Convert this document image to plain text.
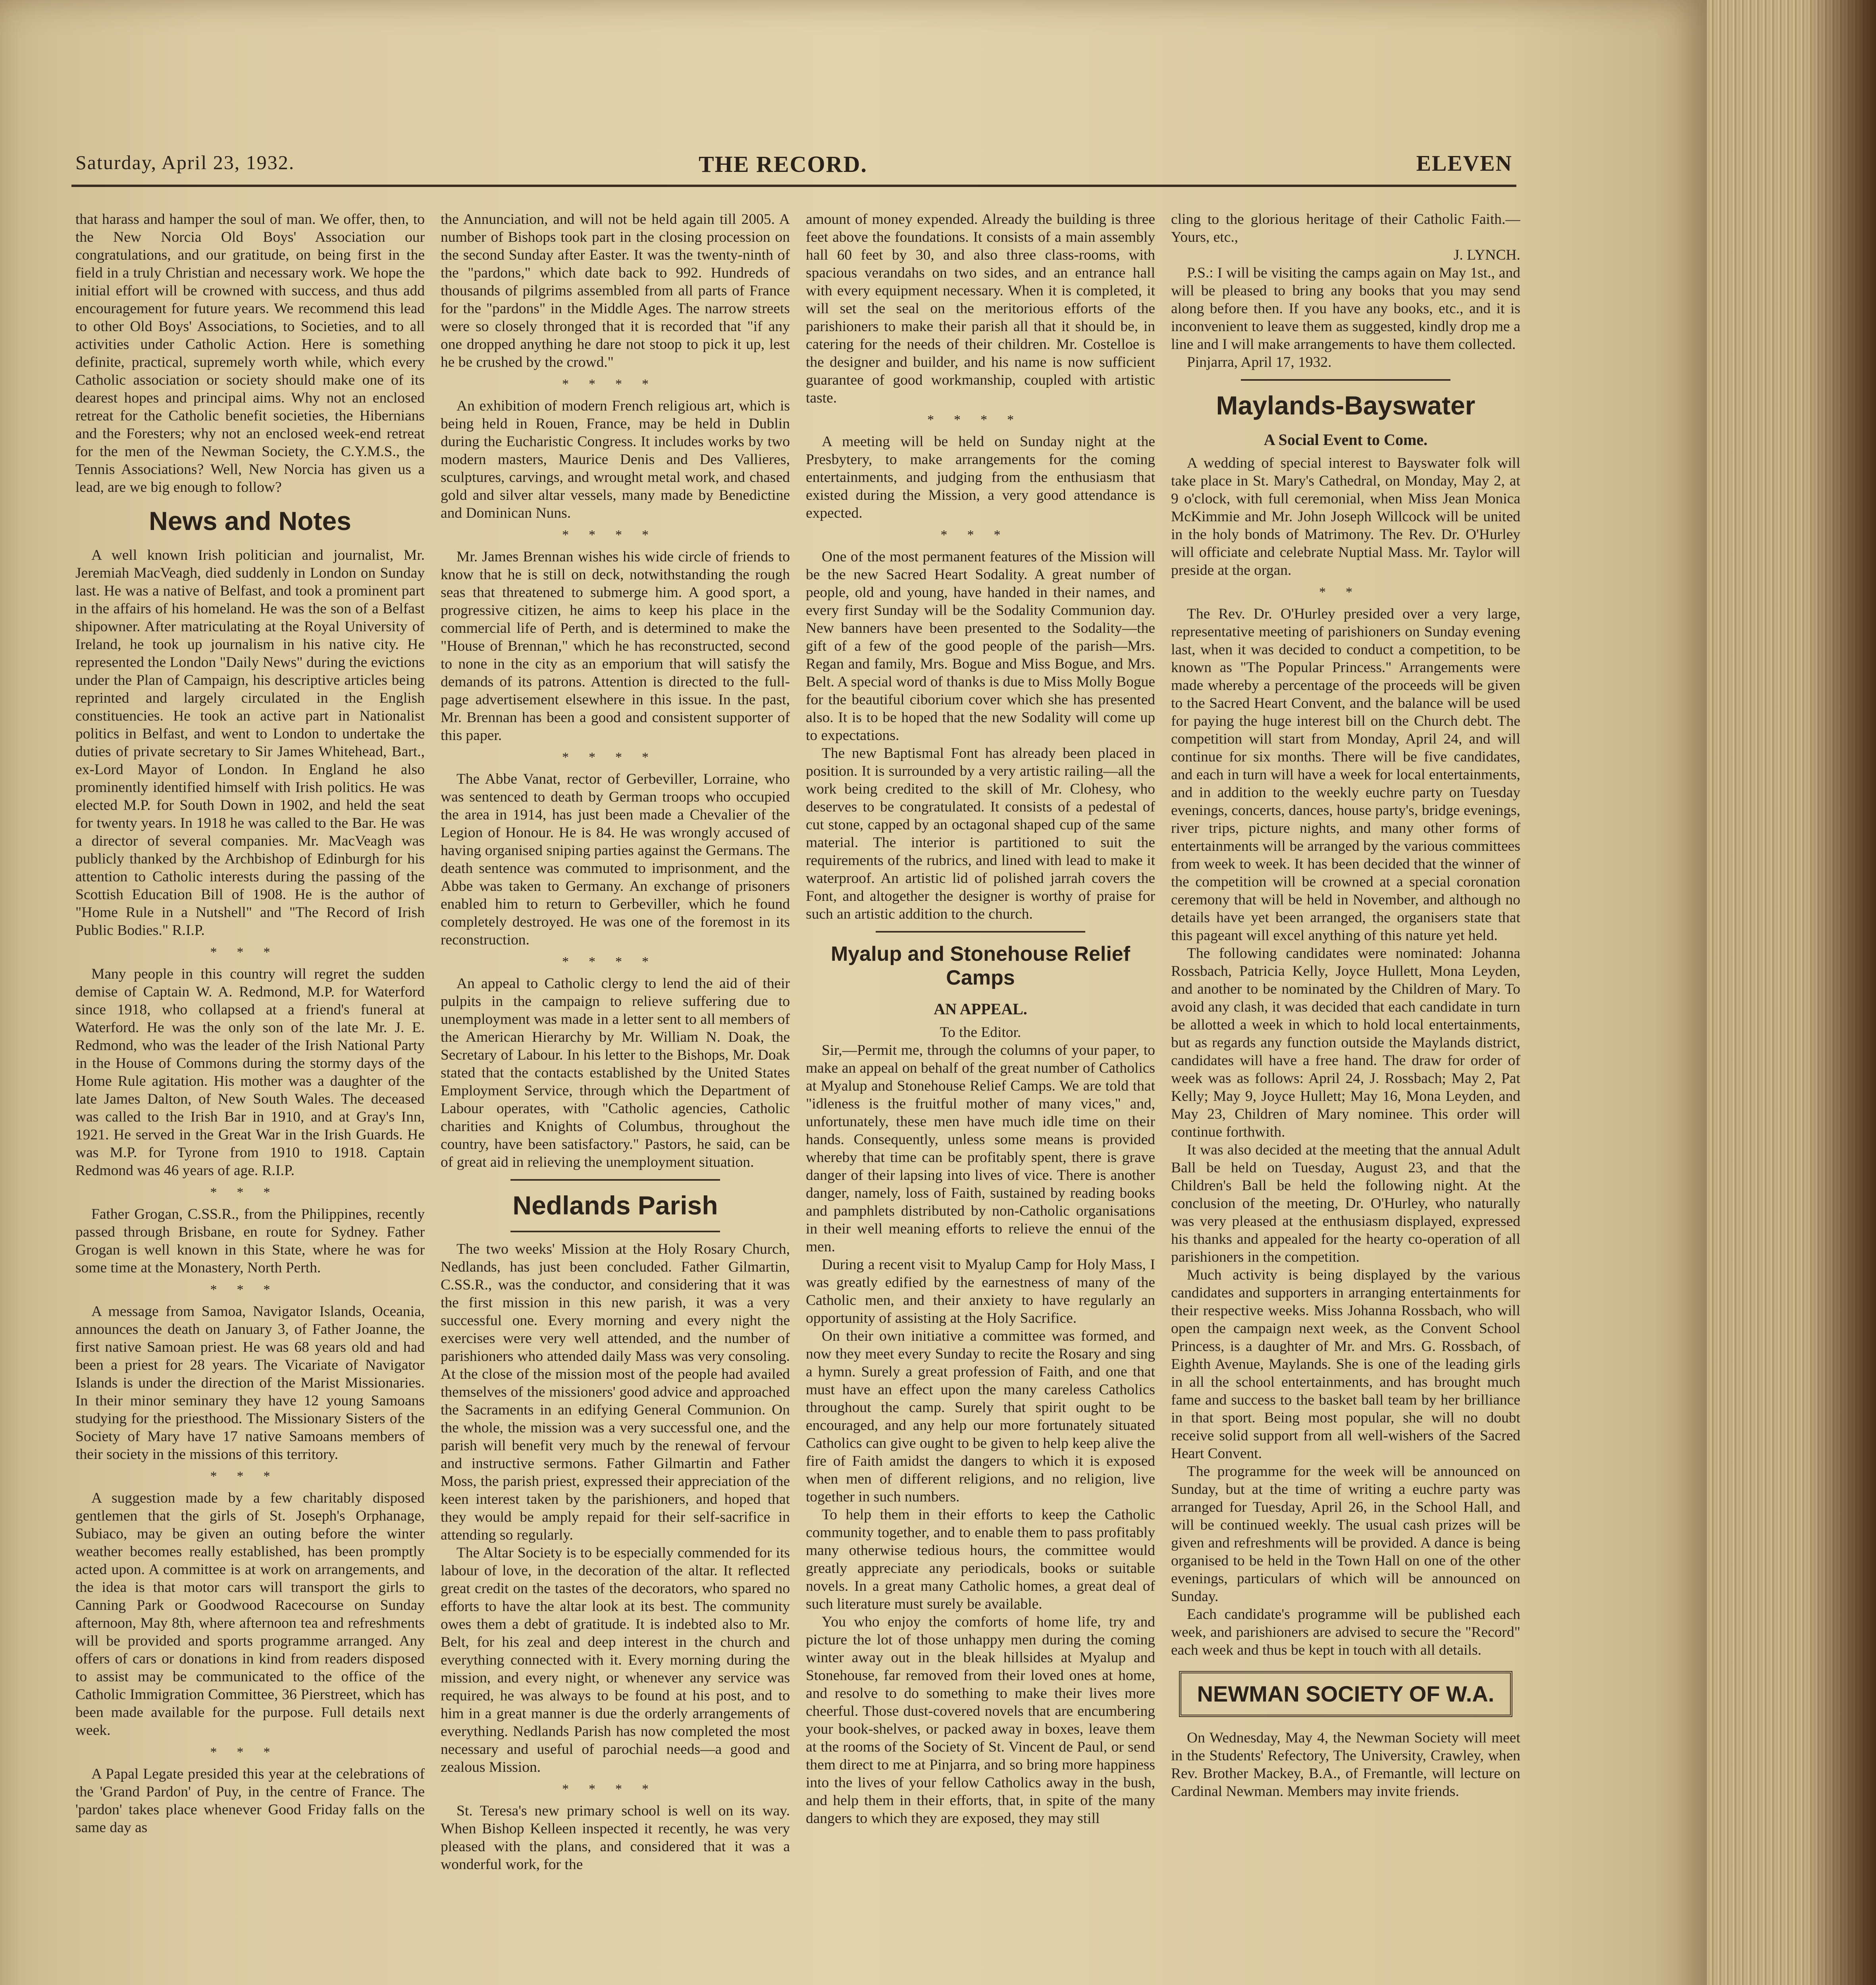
Saturday, April 23, 1932.	THE RECORD.	ELEVEN

that harass and hamper the soul of man. We offer, then, to the New Norcia Old Boys' Association our congratulations, and our gratitude, on being first in the field in a truly Christian and necessary work. We hope the initial effort will be crowned with success, and thus add encouragement for future years. We recommend this lead to other Old Boys' Associations, to Societies, and to all activities under Catholic Action. Here is something definite, practical, supremely worth while, which every Catholic association or society should make one of its dearest hopes and principal aims. Why not an enclosed retreat for the Catholic benefit societies, the Hibernians and the Foresters; why not an enclosed week-end retreat for the men of the Newman Society, the C.Y.M.S., the Tennis Associations? Well, New Norcia has given us a lead, are we big enough to follow?

News and Notes

A well known Irish politician and journalist, Mr. Jeremiah MacVeagh, died suddenly in London on Sunday last. He was a native of Belfast, and took a prominent part in the affairs of his homeland. He was the son of a Belfast shipowner. After matriculating at the Royal University of Ireland, he took up journalism in his native city. He represented the London "Daily News" during the evictions under the Plan of Campaign, his descriptive articles being reprinted and largely circulated in the English constituencies. He took an active part in Nationalist politics in Belfast, and went to London to undertake the duties of private secretary to Sir James Whitehead, Bart., ex-Lord Mayor of London. In England he also prominently identified himself with Irish politics. He was elected M.P. for South Down in 1902, and held the seat for twenty years. In 1918 he was called to the Bar. He was a director of several companies. Mr. MacVeagh was publicly thanked by the Archbishop of Edinburgh for his attention to Catholic interests during the passing of the Scottish Education Bill of 1908. He is the author of "Home Rule in a Nutshell" and "The Record of Irish Public Bodies." R.I.P.

***

Many people in this country will regret the sudden demise of Captain W. A. Redmond, M.P. for Waterford since 1918, who collapsed at a friend's funeral at Waterford. He was the only son of the late Mr. J. E. Redmond, who was the leader of the Irish National Party in the House of Commons during the stormy days of the Home Rule agitation. His mother was a daughter of the late James Dalton, of New South Wales. The deceased was called to the Irish Bar in 1910, and at Gray's Inn, 1921. He served in the Great War in the Irish Guards. He was M.P. for Tyrone from 1910 to 1918. Captain Redmond was 46 years of age. R.I.P.

***

Father Grogan, C.SS.R., from the Philippines, recently passed through Brisbane, en route for Sydney. Father Grogan is well known in this State, where he was for some time at the Monastery, North Perth.

***

A message from Samoa, Navigator Islands, Oceania, announces the death on January 3, of Father Joanne, the first native Samoan priest. He was 68 years old and had been a priest for 28 years. The Vicariate of Navigator Islands is under the direction of the Marist Missionaries. In their minor seminary they have 12 young Samoans studying for the priesthood. The Missionary Sisters of the Society of Mary have 17 native Samoans members of their society in the missions of this territory.

***

A suggestion made by a few charitably disposed gentlemen that the girls of St. Joseph's Orphanage, Subiaco, may be given an outing before the winter weather becomes really established, has been promptly acted upon. A committee is at work on arrangements, and the idea is that motor cars will transport the girls to Canning Park or Goodwood Racecourse on Sunday afternoon, May 8th, where afternoon tea and refreshments will be provided and sports programme arranged. Any offers of cars or donations in kind from readers disposed to assist may be communicated to the office of the Catholic Immigration Committee, 36 Pierstreet, which has been made available for the purpose. Full details next week.

***

A Papal Legate presided this year at the celebrations of the 'Grand Pardon' of Puy, in the centre of France. The 'pardon' takes place whenever Good Friday falls on the same day as

the Annunciation, and will not be held again till 2005. A number of Bishops took part in the closing procession on the second Sunday after Easter. It was the twenty-ninth of the "pardons," which date back to 992. Hundreds of thousands of pilgrims assembled from all parts of France for the "pardons" in the Middle Ages. The narrow streets were so closely thronged that it is recorded that "if any one dropped anything he dare not stoop to pick it up, lest he be crushed by the crowd."

****

An exhibition of modern French religious art, which is being held in Rouen, France, may be held in Dublin during the Eucharistic Congress. It includes works by two modern masters, Maurice Denis and Des Vallieres, sculptures, carvings, and wrought metal work, and chased gold and silver altar vessels, many made by Benedictine and Dominican Nuns.

****

Mr. James Brennan wishes his wide circle of friends to know that he is still on deck, notwithstanding the rough seas that threatened to submerge him. A good sport, a progressive citizen, he aims to keep his place in the commercial life of Perth, and is determined to make the "House of Brennan," which he has reconstructed, second to none in the city as an emporium that will satisfy the demands of its patrons. Attention is directed to the full-page advertisement elsewhere in this issue. In the past, Mr. Brennan has been a good and consistent supporter of this paper.

****

The Abbe Vanat, rector of Gerbeviller, Lorraine, who was sentenced to death by German troops who occupied the area in 1914, has just been made a Chevalier of the Legion of Honour. He is 84. He was wrongly accused of having organised sniping parties against the Germans. The death sentence was commuted to imprisonment, and the Abbe was taken to Germany. An exchange of prisoners enabled him to return to Gerbeviller, which he found completely destroyed. He was one of the foremost in its reconstruction.

****

An appeal to Catholic clergy to lend the aid of their pulpits in the campaign to relieve suffering due to unemployment was made in a letter sent to all members of the American Hierarchy by Mr. William N. Doak, the Secretary of Labour. In his letter to the Bishops, Mr. Doak stated that the contacts established by the United States Employment Service, through which the Department of Labour operates, with "Catholic agencies, Catholic charities and Knights of Columbus, throughout the country, have been satisfactory." Pastors, he said, can be of great aid in relieving the unemployment situation.

Nedlands Parish

The two weeks' Mission at the Holy Rosary Church, Nedlands, has just been concluded. Father Gilmartin, C.SS.R., was the conductor, and considering that it was the first mission in this new parish, it was a very successful one. Every morning and every night the exercises were very well attended, and the number of parishioners who attended daily Mass was very consoling. At the close of the mission most of the people had availed themselves of the missioners' good advice and approached the Sacraments in an edifying General Communion. On the whole, the mission was a very successful one, and the parish will benefit very much by the renewal of fervour and instructive sermons. Father Gilmartin and Father Moss, the parish priest, expressed their appreciation of the keen interest taken by the parishioners, and hoped that they would be amply repaid for their self-sacrifice in attending so regularly.

The Altar Society is to be especially commended for its labour of love, in the decoration of the altar. It reflected great credit on the tastes of the decorators, who spared no efforts to have the altar look at its best. The community owes them a debt of gratitude. It is indebted also to Mr. Belt, for his zeal and deep interest in the church and everything connected with it. Every morning during the mission, and every night, or whenever any service was required, he was always to be found at his post, and to him in a great manner is due the orderly arrangements of everything. Nedlands Parish has now completed the most necessary and useful of parochial needs—a good and zealous Mission.

****

St. Teresa's new primary school is well on its way. When Bishop Kelleen inspected it recently, he was very pleased with the plans, and considered that it was a wonderful work, for the

amount of money expended. Already the building is three feet above the foundations. It consists of a main assembly hall 60 feet by 30, and also three class-rooms, with spacious verandahs on two sides, and an entrance hall with every equipment necessary. When it is completed, it will set the seal on the meritorious efforts of the parishioners to make their parish all that it should be, in catering for the needs of their children. Mr. Costelloe is the designer and builder, and his name is now sufficient guarantee of good workmanship, coupled with artistic taste.

****

A meeting will be held on Sunday night at the Presbytery, to make arrangements for the coming entertainments, and judging from the enthusiasm that existed during the Mission, a very good attendance is expected.

***

One of the most permanent features of the Mission will be the new Sacred Heart Sodality. A great number of people, old and young, have handed in their names, and every first Sunday will be the Sodality Communion day. New banners have been presented to the Sodality—the gift of a few of the good people of the parish—Mrs. Regan and family, Mrs. Bogue and Miss Bogue, and Mrs. Belt. A special word of thanks is due to Miss Molly Bogue for the beautiful ciborium cover which she has presented also. It is to be hoped that the new Sodality will come up to expectations.

The new Baptismal Font has already been placed in position. It is surrounded by a very artistic railing—all the work being credited to the skill of Mr. Clohesy, who deserves to be congratulated. It consists of a pedestal of cut stone, capped by an octagonal shaped cup of the same material. The interior is partitioned to suit the requirements of the rubrics, and lined with lead to make it waterproof. An artistic lid of polished jarrah covers the Font, and altogether the designer is worthy of praise for such an artistic addition to the church.

Myalup and Stonehouse Relief Camps
AN APPEAL.

To the Editor.

Sir,—Permit me, through the columns of your paper, to make an appeal on behalf of the great number of Catholics at Myalup and Stonehouse Relief Camps. We are told that "idleness is the fruitful mother of many vices," and, unfortunately, these men have much idle time on their hands. Consequently, unless some means is provided whereby that time can be profitably spent, there is grave danger of their lapsing into lives of vice. There is another danger, namely, loss of Faith, sustained by reading books and pamphlets distributed by non-Catholic organisations in their well meaning efforts to relieve the ennui of the men.

During a recent visit to Myalup Camp for Holy Mass, I was greatly edified by the earnestness of many of the Catholic men, and their anxiety to have regularly an opportunity of assisting at the Holy Sacrifice.

On their own initiative a committee was formed, and now they meet every Sunday to recite the Rosary and sing a hymn. Surely a great profession of Faith, and one that must have an effect upon the many careless Catholics throughout the camp. Surely that spirit ought to be encouraged, and any help our more fortunately situated Catholics can give ought to be given to help keep alive the fire of Faith amidst the dangers to which it is exposed when men of different religions, and no religion, live together in such numbers.

To help them in their efforts to keep the Catholic community together, and to enable them to pass profitably many otherwise tedious hours, the committee would greatly appreciate any periodicals, books or suitable novels. In a great many Catholic homes, a great deal of such literature must surely be available.

You who enjoy the comforts of home life, try and picture the lot of those unhappy men during the coming winter away out in the bleak hillsides at Myalup and Stonehouse, far removed from their loved ones at home, and resolve to do something to make their lives more cheerful. Those dust-covered novels that are encumbering your book-shelves, or packed away in boxes, leave them at the rooms of the Society of St. Vincent de Paul, or send them direct to me at Pinjarra, and so bring more happiness into the lives of your fellow Catholics away in the bush, and help them in their efforts, that, in spite of the many dangers to which they are exposed, they may still

cling to the glorious heritage of their Catholic Faith.—Yours, etc.,

J. LYNCH.

P.S.: I will be visiting the camps again on May 1st., and will be pleased to bring any books that you may send along before then. If you have any books, etc., and it is inconvenient to leave them as suggested, kindly drop me a line and I will make arrangements to have them collected.

Pinjarra, April 17, 1932.

Maylands-Bayswater
A Social Event to Come.

A wedding of special interest to Bayswater folk will take place in St. Mary's Cathedral, on Monday, May 2, at 9 o'clock, with full ceremonial, when Miss Jean Monica McKimmie and Mr. John Joseph Willcock will be united in the holy bonds of Matrimony. The Rev. Dr. O'Hurley will officiate and celebrate Nuptial Mass. Mr. Taylor will preside at the organ.

**

The Rev. Dr. O'Hurley presided over a very large, representative meeting of parishioners on Sunday evening last, when it was decided to conduct a competition, to be known as "The Popular Princess." Arrangements were made whereby a percentage of the proceeds will be given to the Sacred Heart Convent, and the balance will be used for paying the huge interest bill on the Church debt. The competition will start from Monday, April 24, and will continue for six months. There will be five candidates, and each in turn will have a week for local entertainments, and in addition to the weekly euchre party on Tuesday evenings, concerts, dances, house party's, bridge evenings, river trips, picture nights, and many other forms of entertainments will be arranged by the various committees from week to week. It has been decided that the winner of the competition will be crowned at a special coronation ceremony that will be held in November, and although no details have yet been arranged, the organisers state that this pageant will excel anything of this nature yet held.

The following candidates were nominated: Johanna Rossbach, Patricia Kelly, Joyce Hullett, Mona Leyden, and another to be nominated by the Children of Mary. To avoid any clash, it was decided that each candidate in turn be allotted a week in which to hold local entertainments, but as regards any function outside the Maylands district, candidates will have a free hand. The draw for order of week was as follows: April 24, J. Rossbach; May 2, Pat Kelly; May 9, Joyce Hullett; May 16, Mona Leyden, and May 23, Children of Mary nominee. This order will continue forthwith.

It was also decided at the meeting that the annual Adult Ball be held on Tuesday, August 23, and that the Children's Ball be held the following night. At the conclusion of the meeting, Dr. O'Hurley, who naturally was very pleased at the enthusiasm displayed, expressed his thanks and appealed for the hearty co-operation of all parishioners in the competition.

Much activity is being displayed by the various candidates and supporters in arranging entertainments for their respective weeks. Miss Johanna Rossbach, who will open the campaign next week, as the Convent School Princess, is a daughter of Mr. and Mrs. G. Rossbach, of Eighth Avenue, Maylands. She is one of the leading girls in all the school entertainments, and has brought much fame and success to the basket ball team by her brilliance in that sport. Being most popular, she will no doubt receive solid support from all well-wishers of the Sacred Heart Convent.

The programme for the week will be announced on Sunday, but at the time of writing a euchre party was arranged for Tuesday, April 26, in the School Hall, and will be continued weekly. The usual cash prizes will be given and refreshments will be provided. A dance is being organised to be held in the Town Hall on one of the other evenings, particulars of which will be announced on Sunday.

Each candidate's programme will be published each week, and parishioners are advised to secure the "Record" each week and thus be kept in touch with all details.

NEWMAN SOCIETY OF W.A.

On Wednesday, May 4, the Newman Society will meet in the Students' Refectory, The University, Crawley, when Rev. Brother Mackey, B.A., of Fremantle, will lecture on Cardinal Newman. Members may invite friends.
